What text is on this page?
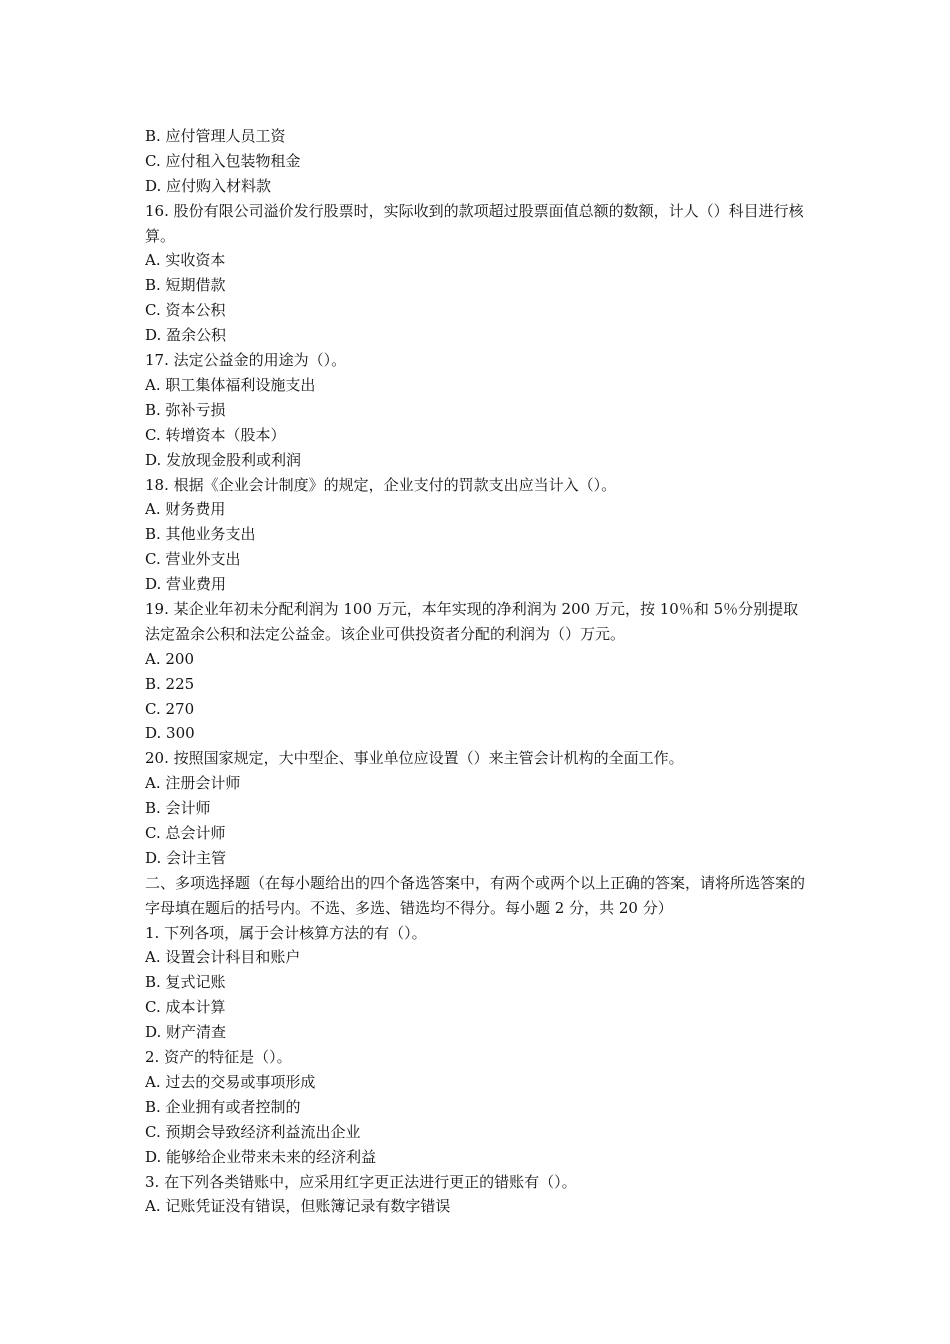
B. 应付管理人员工资
C. 应付租入包装物租金
D. 应付购入材料款
16. 股份有限公司溢价发行股票时，实际收到的款项超过股票面值总额的数额，计人（）科目进行核算。
A. 实收资本
B. 短期借款
C. 资本公积
D. 盈余公积
17. 法定公益金的用途为（）。
A. 职工集体福利设施支出
B. 弥补亏损
C. 转增资本（股本）
D. 发放现金股利或利润
18. 根据《企业会计制度》的规定，企业支付的罚款支出应当计入（）。
A. 财务费用
B. 其他业务支出
C. 营业外支出
D. 营业费用
19. 某企业年初未分配利润为 100 万元，本年实现的净利润为 200 万元，按 10％和 5％分别提取法定盈余公积和法定公益金。该企业可供投资者分配的利润为（）万元。
A. 200
B. 225
C. 270
D. 300
20. 按照国家规定，大中型企、事业单位应设置（）来主管会计机构的全面工作。
A. 注册会计师
B. 会计师
C. 总会计师
D. 会计主管
二、多项选择题（在每小题给出的四个备选答案中，有两个或两个以上正确的答案，请将所选答案的字母填在题后的括号内。不选、多选、错选均不得分。每小题 2 分，共 20 分）
1. 下列各项，属于会计核算方法的有（）。
A. 设置会计科目和账户
B. 复式记账
C. 成本计算
D. 财产清查
2. 资产的特征是（）。
A. 过去的交易或事项形成
B. 企业拥有或者控制的
C. 预期会导致经济利益流出企业
D. 能够给企业带来未来的经济利益
3. 在下列各类错账中，应采用红字更正法进行更正的错账有（）。
A. 记账凭证没有错误，但账簿记录有数字错误
